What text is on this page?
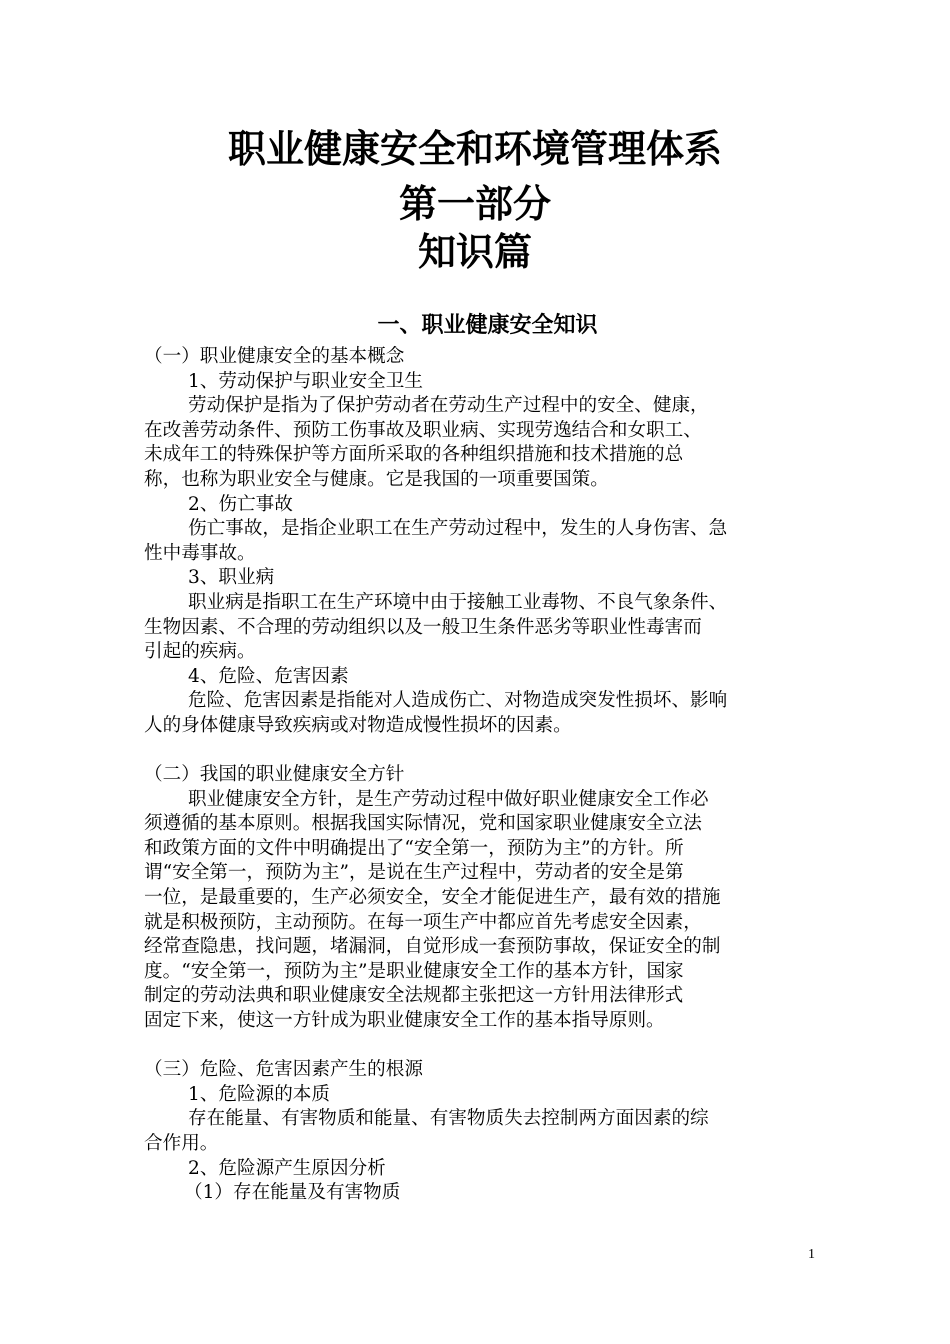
职业健康安全和环境管理体系
第一部分
知识篇
一、职业健康安全知识

（一）职业健康安全的基本概念

1、劳动保护与职业安全卫生

劳动保护是指为了保护劳动者在劳动生产过程中的安全、健康，

在改善劳动条件、预防工伤事故及职业病、实现劳逸结合和女职工、

未成年工的特殊保护等方面所采取的各种组织措施和技术措施的总

称，也称为职业安全与健康。它是我国的一项重要国策。

2、伤亡事故

伤亡事故，是指企业职工在生产劳动过程中，发生的人身伤害、急

性中毒事故。

3、职业病

职业病是指职工在生产环境中由于接触工业毒物、不良气象条件、

生物因素、不合理的劳动组织以及一般卫生条件恶劣等职业性毒害而

引起的疾病。

4、危险、危害因素

危险、危害因素是指能对人造成伤亡、对物造成突发性损坏、影响

人的身体健康导致疾病或对物造成慢性损坏的因素。

（二）我国的职业健康安全方针

职业健康安全方针，是生产劳动过程中做好职业健康安全工作必

须遵循的基本原则。根据我国实际情况，党和国家职业健康安全立法

和政策方面的文件中明确提出了“安全第一，预防为主”的方针。所

谓“安全第一，预防为主”，是说在生产过程中，劳动者的安全是第

一位，是最重要的，生产必须安全，安全才能促进生产，最有效的措施

就是积极预防，主动预防。在每一项生产中都应首先考虑安全因素，

经常查隐患，找问题，堵漏洞，自觉形成一套预防事故，保证安全的制

度。“安全第一，预防为主”是职业健康安全工作的基本方针，国家

制定的劳动法典和职业健康安全法规都主张把这一方针用法律形式

固定下来，使这一方针成为职业健康安全工作的基本指导原则。

（三）危险、危害因素产生的根源

1、危险源的本质

存在能量、有害物质和能量、有害物质失去控制两方面因素的综

合作用。

2、危险源产生原因分析

（1）存在能量及有害物质

1
